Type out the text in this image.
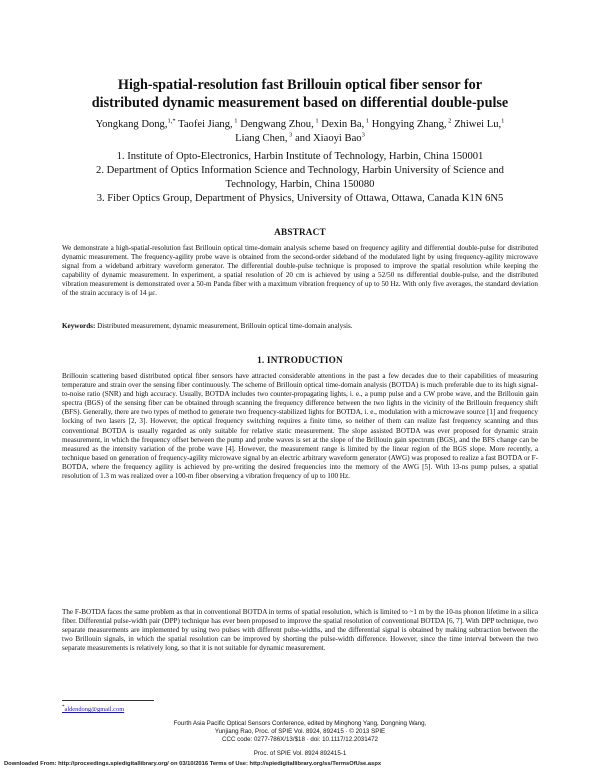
High-spatial-resolution fast Brillouin optical fiber sensor for
distributed dynamic measurement based on differential double-pulse
Yongkang Dong,$^{1,*}$ Taofei Jiang, $^1$ Dengwang Zhou, $^1$ Dexin Ba, $^1$ Hongying Zhang, $^2$ Zhiwei Lu,$^1$
Liang Chen, $^3$ and Xiaoyi Bao$^3$
1. Institute of Opto-Electronics, Harbin Institute of Technology, Harbin, China 150001
2. Department of Optics Information Science and Technology, Harbin University of Science and
Technology, Harbin, China 150080
3. Fiber Optics Group, Department of Physics, University of Ottawa, Ottawa, Canada K1N 6N5
ABSTRACT

We demonstrate a high-spatial-resolution fast Brillouin optical time-domain analysis scheme based on frequency agility and differential double-pulse for distributed dynamic measurement. The frequency-agility probe wave is obtained from the second-order sideband of the modulated light by using frequency-agility microwave signal from a wideband arbitrary waveform generator. The differential double-pulse technique is proposed to improve the spatial resolution while keeping the capability of dynamic measurement. In experiment, a spatial resolution of 20 cm is achieved by using a 52/50 ns differential double-pulse, and the distributed vibration measurement is demonstrated over a 50-m Panda fiber with a maximum vibration frequency of up to 50 Hz. With only five averages, the standard deviation of the strain accuracy is of 14 με.

Keywords: Distributed measurement, dynamic measurement, Brillouin optical time-domain analysis.
1. INTRODUCTION

Brillouin scattering based distributed optical fiber sensors have attracted considerable attentions in the past a few decades due to their capabilities of measuring temperature and strain over the sensing fiber continuously. The scheme of Brillouin optical time-domain analysis (BOTDA) is much preferable due to its high signal-to-noise ratio (SNR) and high accuracy. Usually, BOTDA includes two counter-propagating lights, i. e., a pump pulse and a CW probe wave, and the Brillouin gain spectra (BGS) of the sensing fiber can be obtained through scanning the frequency difference between the two lights in the vicinity of the Brillouin frequency shift (BFS). Generally, there are two types of method to generate two frequency-stabilized lights for BOTDA, i. e., modulation with a microwave source [1] and frequency locking of two lasers [2, 3]. However, the optical frequency switching requires a finite time, so neither of them can realize fast frequency scanning and thus conventional BOTDA is usually regarded as only suitable for relative static measurement. The slope assisted BOTDA was ever proposed for dynamic strain measurement, in which the frequency offset between the pump and probe waves is set at the slope of the Brillouin gain spectrum (BGS), and the BFS change can be measured as the intensity variation of the probe wave [4]. However, the measurement range is limited by the linear region of the BGS slope. More recently, a technique based on generation of frequency-agility microwave signal by an electric arbitrary waveform generator (AWG) was proposed to realize a fast BOTDA or F-BOTDA, where the frequency agility is achieved by pre-writing the desired frequencies into the memory of the AWG [5]. With 13-ns pump pulses, a spatial resolution of 1.3 m was realized over a 100-m fiber observing a vibration frequency of up to 100 Hz.

The F-BOTDA faces the same problem as that in conventional BOTDA in terms of spatial resolution, which is limited to ~1 m by the 10-ns phonon lifetime in a silica fiber. Differential pulse-width pair (DPP) technique has ever been proposed to improve the spatial resolution of conventional BOTDA [6, 7]. With DPP technique, two separate measurements are implemented by using two pulses with different pulse-widths, and the differential signal is obtained by making subtraction between the two Brillouin signals, in which the spatial resolution can be improved by shorting the pulse-width difference. However, since the time interval between the two separate measurements is relatively long, so that it is not suitable for dynamic measurement.

*aldendong@gmail.com
Fourth Asia Pacific Optical Sensors Conference, edited by Minghong Yang, Dongning Wang,
Yunjiang Rao, Proc. of SPIE Vol. 8924, 892415 · © 2013 SPIE
CCC code: 0277-786X/13/$18 · doi: 10.1117/12.2031472
Proc. of SPIE Vol. 8924 892415-1
Downloaded From: http://proceedings.spiedigitallibrary.org/ on 03/10/2016 Terms of Use: http://spiedigitallibrary.org/ss/TermsOfUse.aspx
